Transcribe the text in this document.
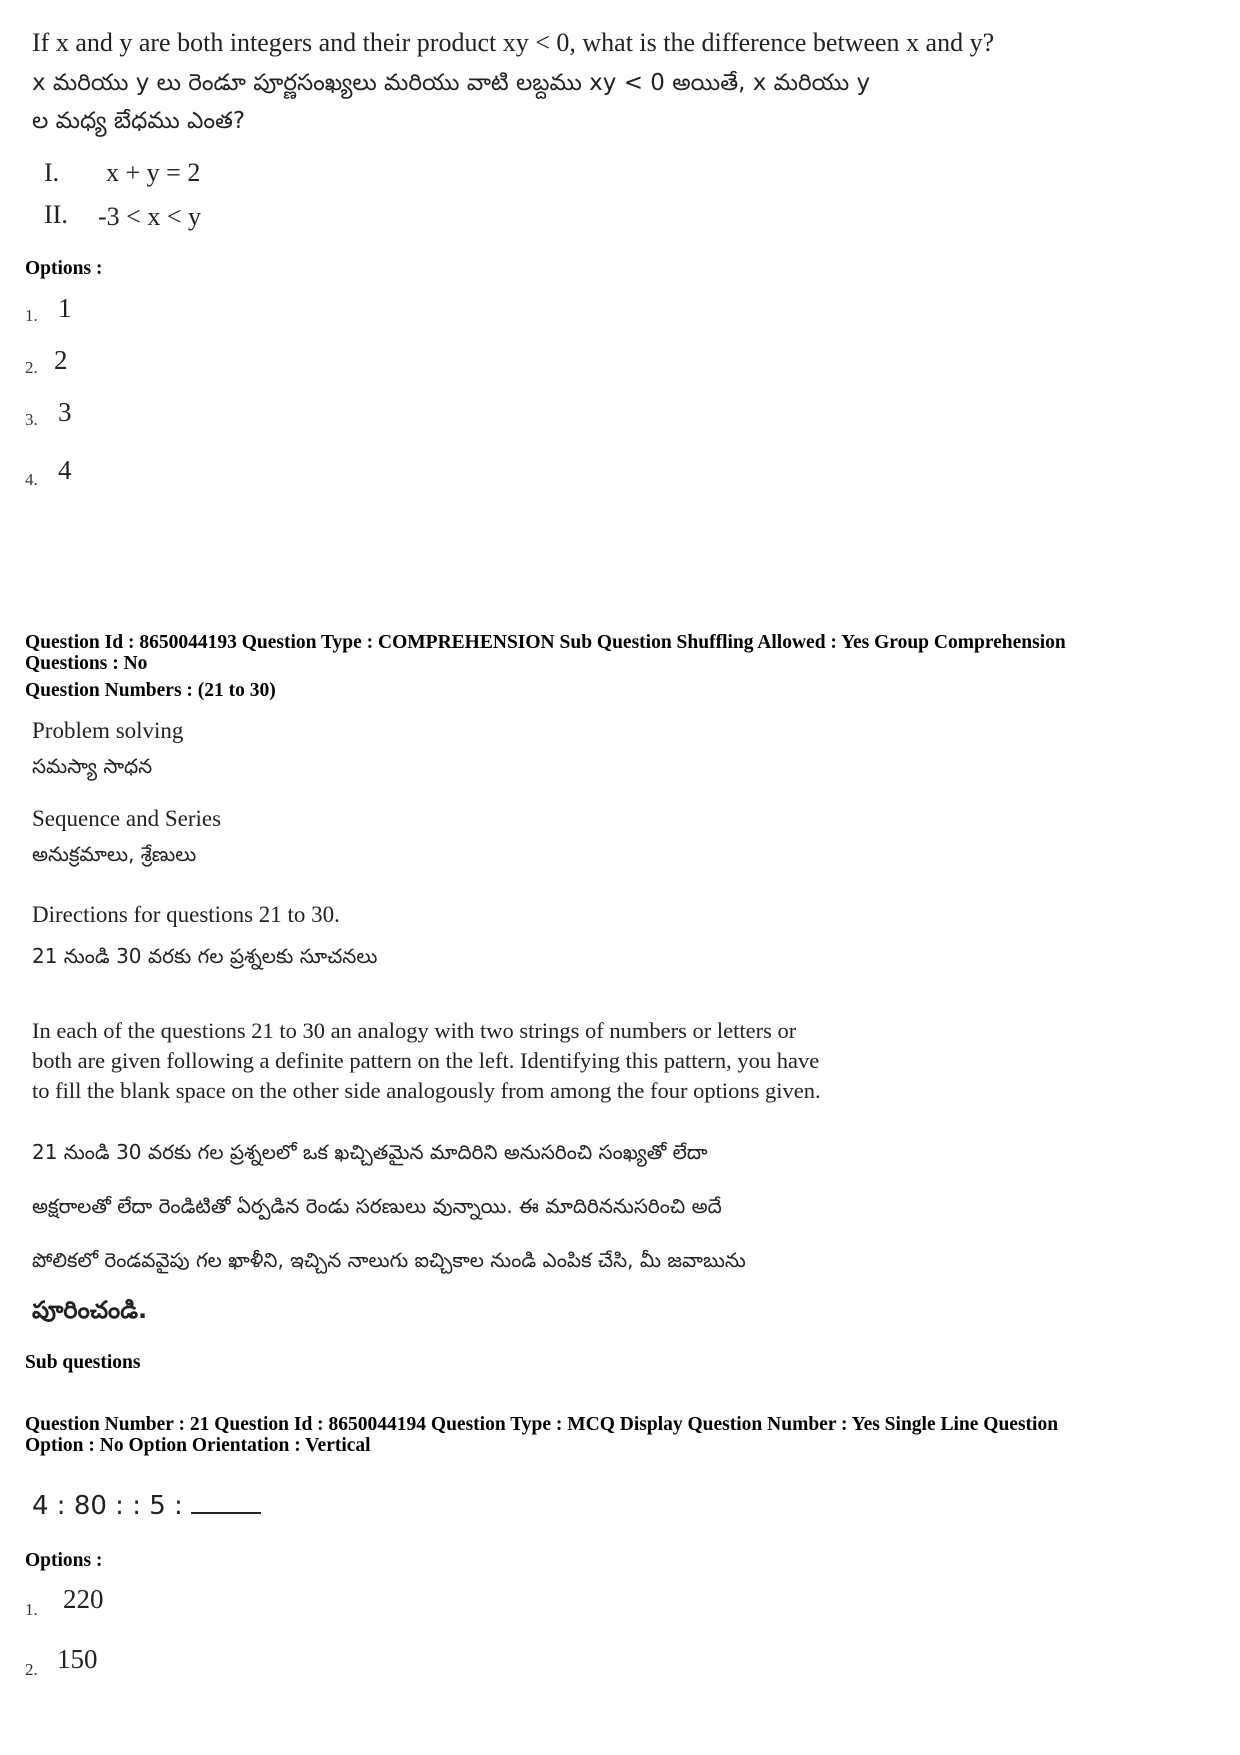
If x and y are both integers and their product xy < 0, what is the difference between x and y?
x మరియు y లు రెండూ పూర్ణసంఖ్యలు మరియు వాటి లబ్దము xy < 0 అయితే, x మరియు y
ల మధ్య బేధము ఎంత?
I. x + y = 2
II. -3 < x < y
Options :
1. 1
2. 2
3. 3
4. 4
Question Id : 8650044193 Question Type : COMPREHENSION Sub Question Shuffling Allowed : Yes Group Comprehension
Questions : No
Question Numbers : (21 to 30)
Problem solving
సమస్యా సాధన
Sequence and Series
అనుక్రమాలు, శ్రేణులు
Directions for questions 21 to 30.
21 నుండి 30 వరకు గల ప్రశ్నలకు సూచనలు
In each of the questions 21 to 30 an analogy with two strings of numbers or letters or
both are given following a definite pattern on the left. Identifying this pattern, you have
to fill the blank space on the other side analogously from among the four options given.
21 నుండి 30 వరకు గల ప్రశ్నలలో ఒక ఖచ్చితమైన మాదిరిని అనుసరించి సంఖ్యతో లేదా
అక్షరాలతో లేదా రెండిటితో ఏర్పడిన రెండు సరణులు వున్నాయి. ఈ మాదిరిననుసరించి అదే
పోలికలో రెండవవైపు గల ఖాళీని, ఇచ్చిన నాలుగు ఐచ్చికాల నుండి ఎంపిక చేసి, మీ జవాబును
పూరించండి.
Sub questions
Question Number : 21 Question Id : 8650044194 Question Type : MCQ Display Question Number : Yes Single Line Question
Option : No Option Orientation : Vertical
4 : 80 : : 5 :
Options :
1. 220
2. 150
